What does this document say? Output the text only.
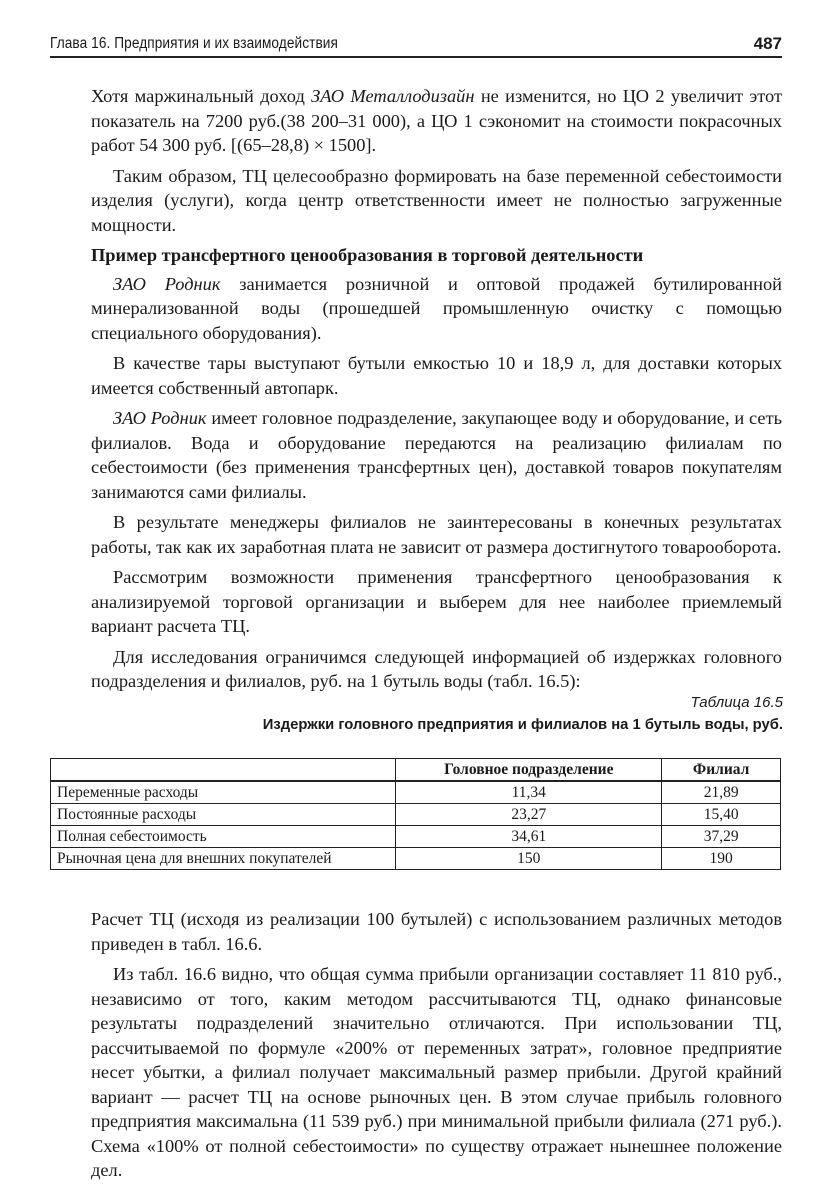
Глава 16. Предприятия и их взаимодействия	487

Хотя маржинальный доход ЗАО Металлодизайн не изменится, но ЦО 2 увеличит этот показатель на 7200 руб.(38 200–31 000), а ЦО 1 сэкономит на стоимости покрасочных работ 54 300 руб. [(65–28,8) × 1500].

Таким образом, ТЦ целесообразно формировать на базе переменной себестоимости изделия (услуги), когда центр ответственности имеет не полностью загруженные мощности.

Пример трансфертного ценообразования в торговой деятельности

ЗАО Родник занимается розничной и оптовой продажей бутилированной минерализованной воды (прошедшей промышленную очистку с помощью специального оборудования).

В качестве тары выступают бутыли емкостью 10 и 18,9 л, для доставки которых имеется собственный автопарк.

ЗАО Родник имеет головное подразделение, закупающее воду и оборудование, и сеть филиалов. Вода и оборудование передаются на реализацию филиалам по себестоимости (без применения трансфертных цен), доставкой товаров покупателям занимаются сами филиалы.

В результате менеджеры филиалов не заинтересованы в конечных результатах работы, так как их заработная плата не зависит от размера достигнутого товарооборота.

Рассмотрим возможности применения трансфертного ценообразования к анализируемой торговой организации и выберем для нее наиболее приемлемый вариант расчета ТЦ.

Для исследования ограничимся следующей информацией об издержках головного подразделения и филиалов, руб. на 1 бутыль воды (табл. 16.5):

Таблица 16.5
Издержки головного предприятия и филиалов на 1 бутыль воды, руб.
	Головное подразделение	Филиал
Переменные расходы	11,34	21,89
Постоянные расходы	23,27	15,40
Полная себестоимость	34,61	37,29
Рыночная цена для внешних покупателей	150	190

Расчет ТЦ (исходя из реализации 100 бутылей) с использованием различных методов приведен в табл. 16.6.

Из табл. 16.6 видно, что общая сумма прибыли организации составляет 11 810 руб., независимо от того, каким методом рассчитываются ТЦ, однако финансовые результаты подразделений значительно отличаются. При использовании ТЦ, рассчитываемой по формуле «200% от переменных затрат», головное предприятие несет убытки, а филиал получает максимальный размер прибыли. Другой крайний вариант — расчет ТЦ на основе рыночных цен. В этом случае прибыль головного предприятия максимальна (11 539 руб.) при минимальной прибыли филиала (271 руб.). Схема «100% от полной себестоимости» по существу отражает нынешнее положение дел.
